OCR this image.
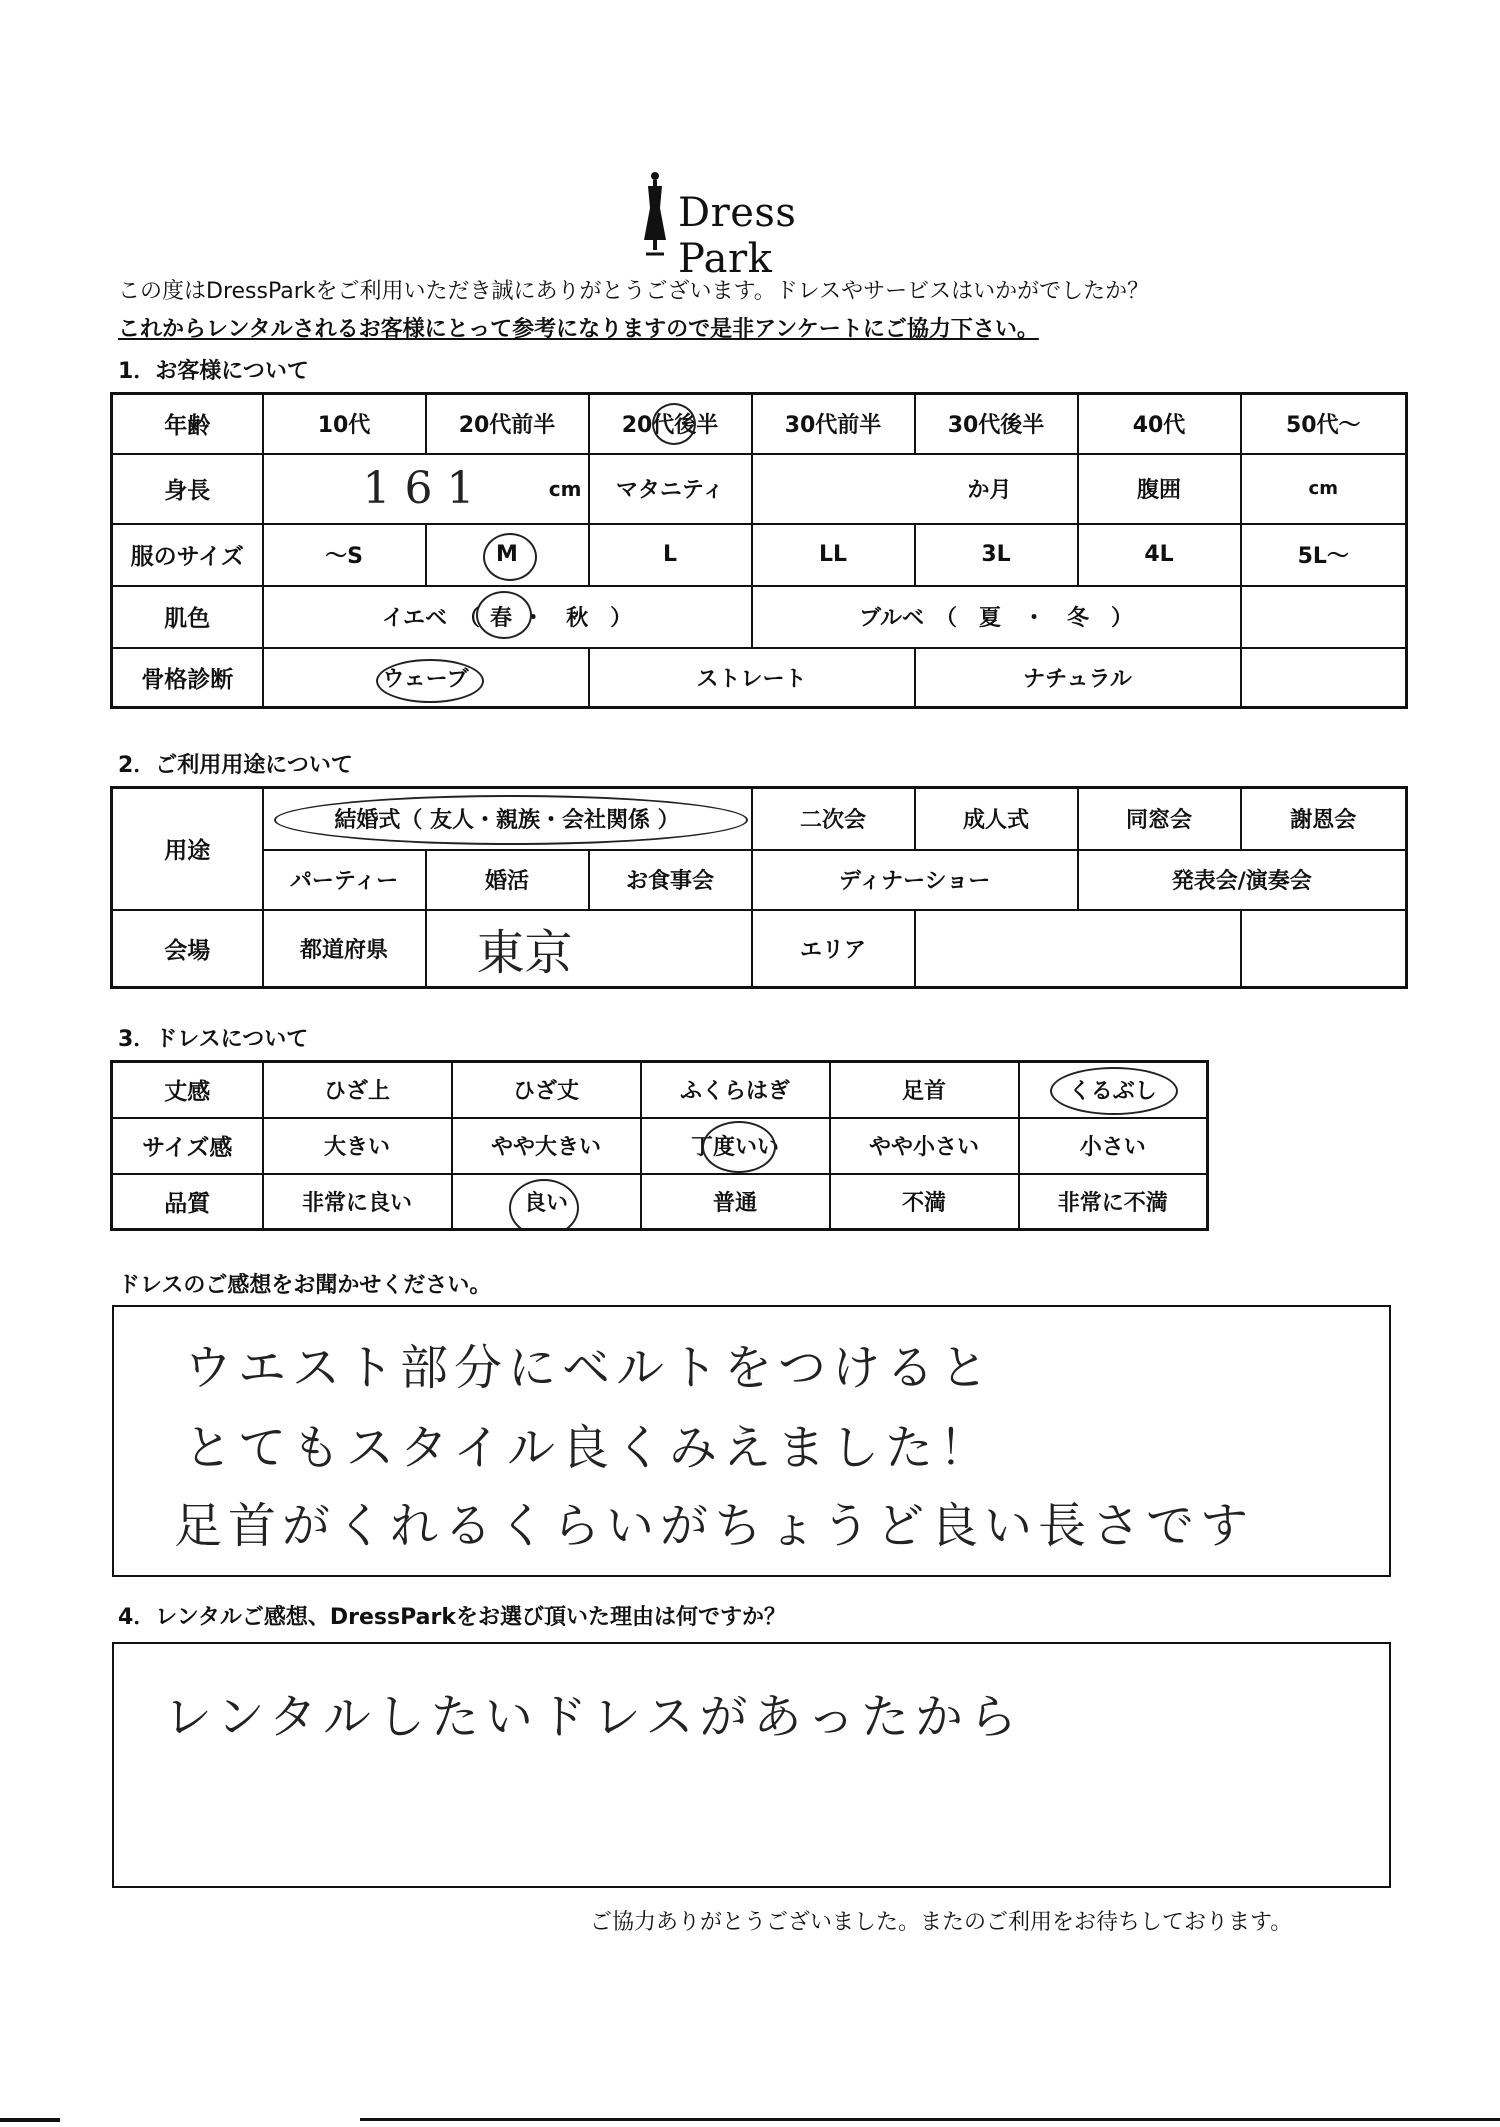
Dress Park
この度はDressParkをご利用いただき誠にありがとうございます。ドレスやサービスはいかがでしたか？
これからレンタルされるお客様にとって参考になりますので是非アンケートにご協力下さい。
1．お客様について
年齢	10代	20代前半	20代後半	30代前半	30代後半	40代	50代～
身長	161 cm		マタニティ	か月		腹囲	cm
服のサイズ	～S	M	L	LL	3L	4L	5L～
肌色	イエベ　（ 春 ・　秋　）			ブルベ　（　夏　・　冬　）			
骨格診断	ウェーブ		ストレート		ナチュラル		
2．ご利用用途について
用途	結婚式（ 友人・親族・会社関係 ）			二次会	成人式	同窓会	謝恩会
	パーティー	婚活	お食事会	ディナーショー		発表会/演奏会	
会場	都道府県	東京		エリア			
3．ドレスについて
丈感	ひざ上	ひざ丈	ふくらはぎ	足首	くるぶし

サイズ感	大きい	やや大きい	丁度いい	やや小さい	小さい
品質	非常に良い	良い	普通	不満	非常に不満
ドレスのご感想をお聞かせください。
ウエスト部分にベルトをつけると
とてもスタイル良くみえました！
足首がくれるくらいがちょうど良い長さです
4．レンタルご感想、DressParkをお選び頂いた理由は何ですか？
レンタルしたいドレスがあったから
ご協力ありがとうございました。またのご利用をお待ちしております。
